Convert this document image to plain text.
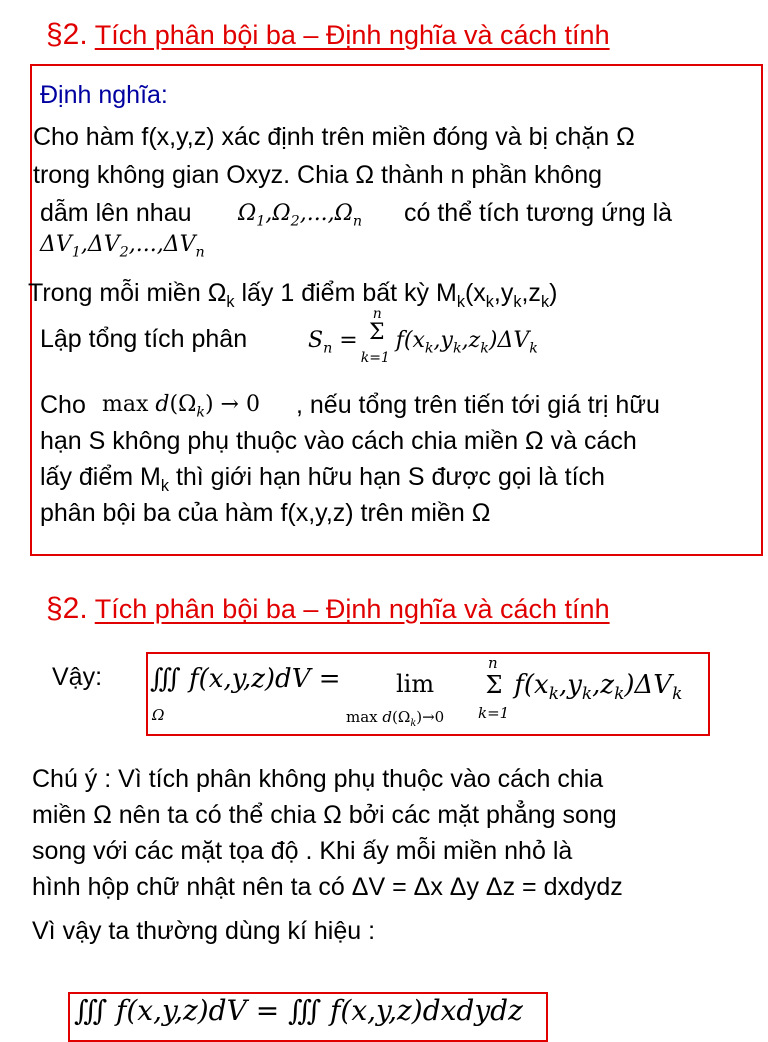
§2. Tích phân bội ba – Định nghĩa và cách tính
Định nghĩa:
Cho hàm f(x,y,z) xác định trên miền đóng và bị chặn Ω
trong không gian Oxyz. Chia Ω thành n phần không
dẫm lên nhau $\Omega_1,\Omega_2,...,\Omega_n$ có thể tích tương ứng là
$\Delta V_1,\Delta V_2,...,\Delta V_n$
Trong mỗi miền $\Omega_k$ lấy 1 điểm bất kỳ $M_k(x_k,y_k,z_k)$
Lập tổng tích phân	$S_n$ =
n
Σ
k=1
$f(x_k,y_k,z_k)\Delta V_k$
Cho $\max d(\Omega_k) \to 0$ , nếu tổng trên tiến tới giá trị hữu
hạn S không phụ thuộc vào cách chia miền Ω và cách
lấy điểm $M_k$ thì giới hạn hữu hạn S được gọi là tích
phân bội ba của hàm f(x,y,z) trên miền Ω
§2. Tích phân bội ba – Định nghĩa và cách tính
Vậy: ∭
Ω
f(x,y,z)dV = lim
$\max d(\Omega_k)\to 0$
n
Σ
k=1
$f(x_k,y_k,z_k)\Delta V_k$
Chú ý : Vì tích phân không phụ thuộc vào cách chia
miền Ω nên ta có thể chia Ω bởi các mặt phẳng song
song với các mặt tọa độ . Khi ấy mỗi miền nhỏ là
hình hộp chữ nhật nên ta có ΔV = Δx Δy Δz = dxdydz
Vì vậy ta thường dùng kí hiệu :
∭ f(x,y,z)dV = ∭ f(x,y,z)dxdydz
